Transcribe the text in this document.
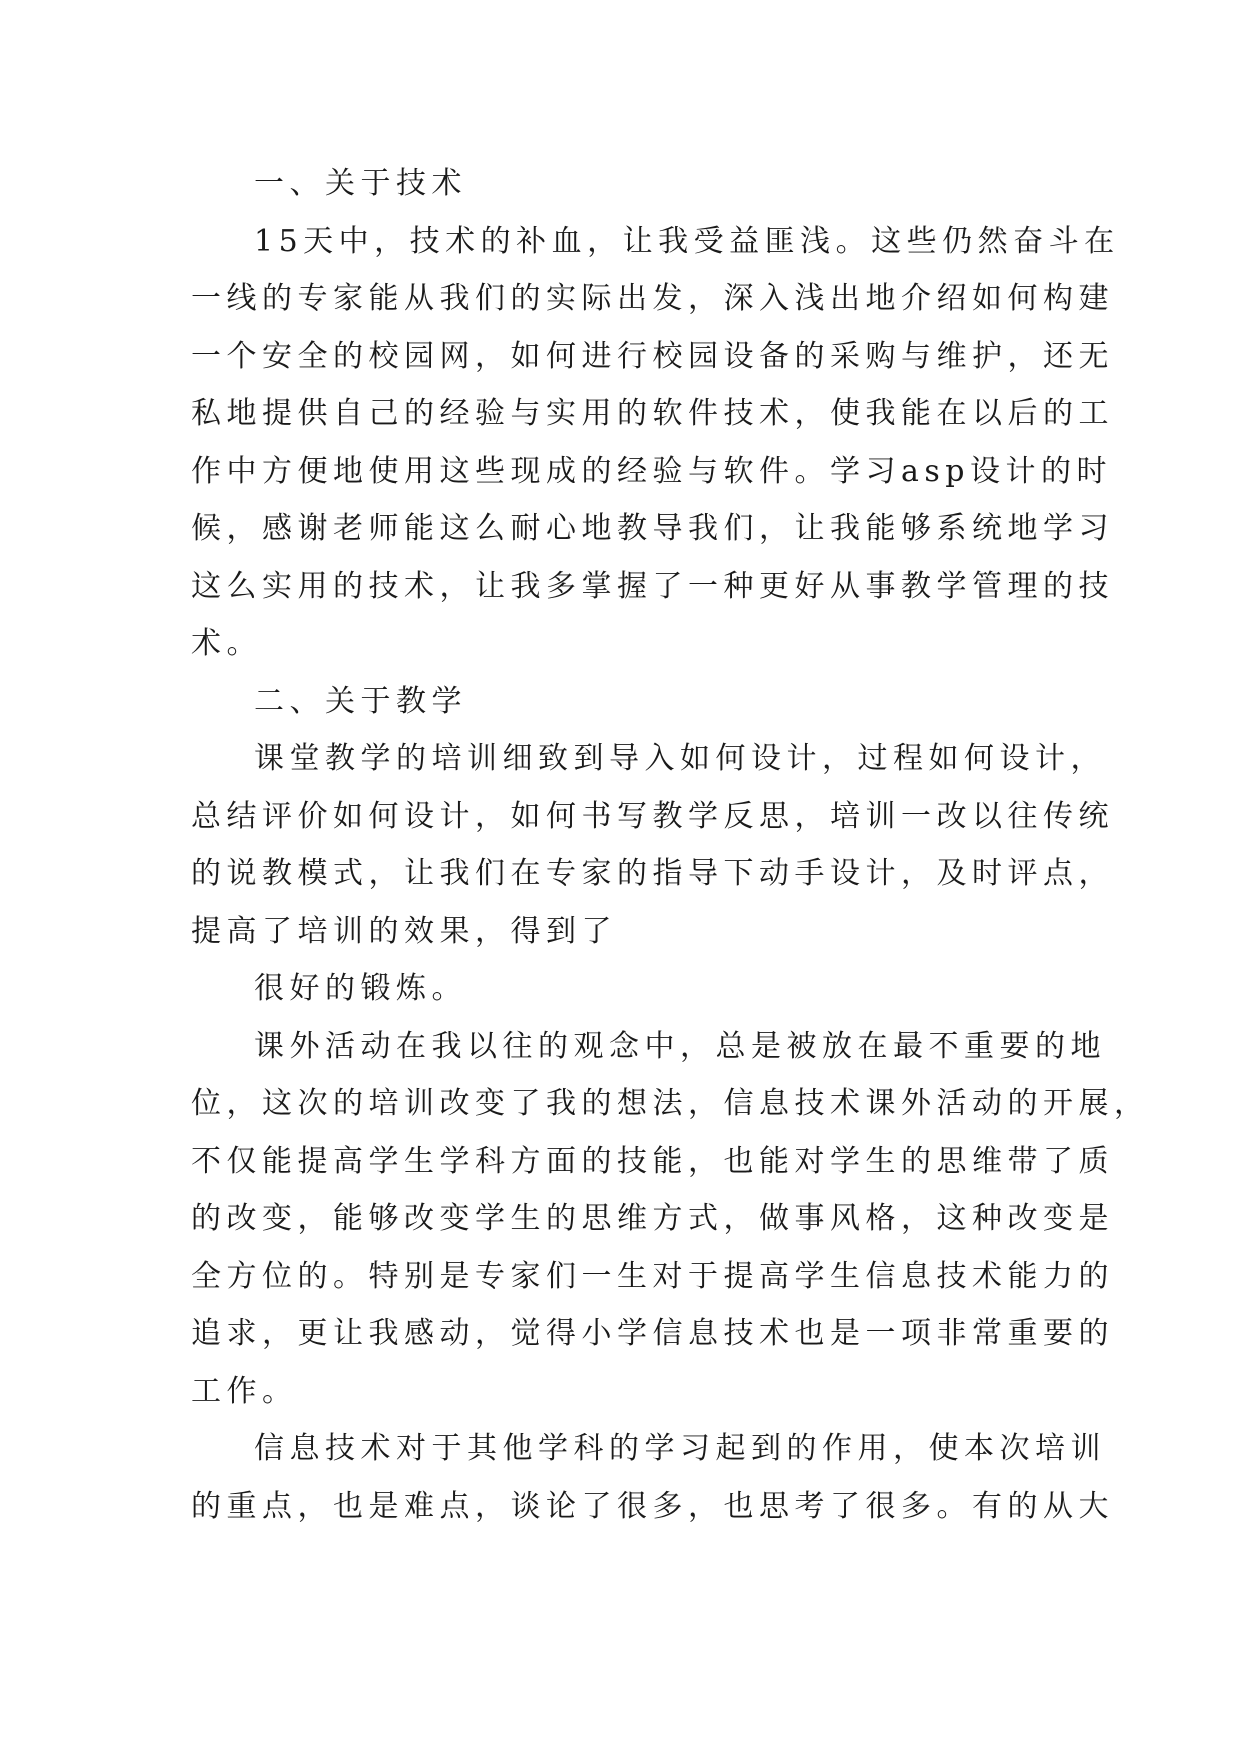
一、关于技术
15天中，技术的补血，让我受益匪浅。这些仍然奋斗在
一线的专家能从我们的实际出发，深入浅出地介绍如何构建
一个安全的校园网，如何进行校园设备的采购与维护，还无
私地提供自己的经验与实用的软件技术，使我能在以后的工
作中方便地使用这些现成的经验与软件。学习asp设计的时
候，感谢老师能这么耐心地教导我们，让我能够系统地学习
这么实用的技术，让我多掌握了一种更好从事教学管理的技
术。
二、关于教学
课堂教学的培训细致到导入如何设计，过程如何设计，
总结评价如何设计，如何书写教学反思，培训一改以往传统
的说教模式，让我们在专家的指导下动手设计，及时评点，
提高了培训的效果，得到了
很好的锻炼。
课外活动在我以往的观念中，总是被放在最不重要的地
位，这次的培训改变了我的想法，信息技术课外活动的开展，
不仅能提高学生学科方面的技能，也能对学生的思维带了质
的改变，能够改变学生的思维方式，做事风格，这种改变是
全方位的。特别是专家们一生对于提高学生信息技术能力的
追求，更让我感动，觉得小学信息技术也是一项非常重要的
工作。
信息技术对于其他学科的学习起到的作用，使本次培训
的重点，也是难点，谈论了很多，也思考了很多。有的从大
